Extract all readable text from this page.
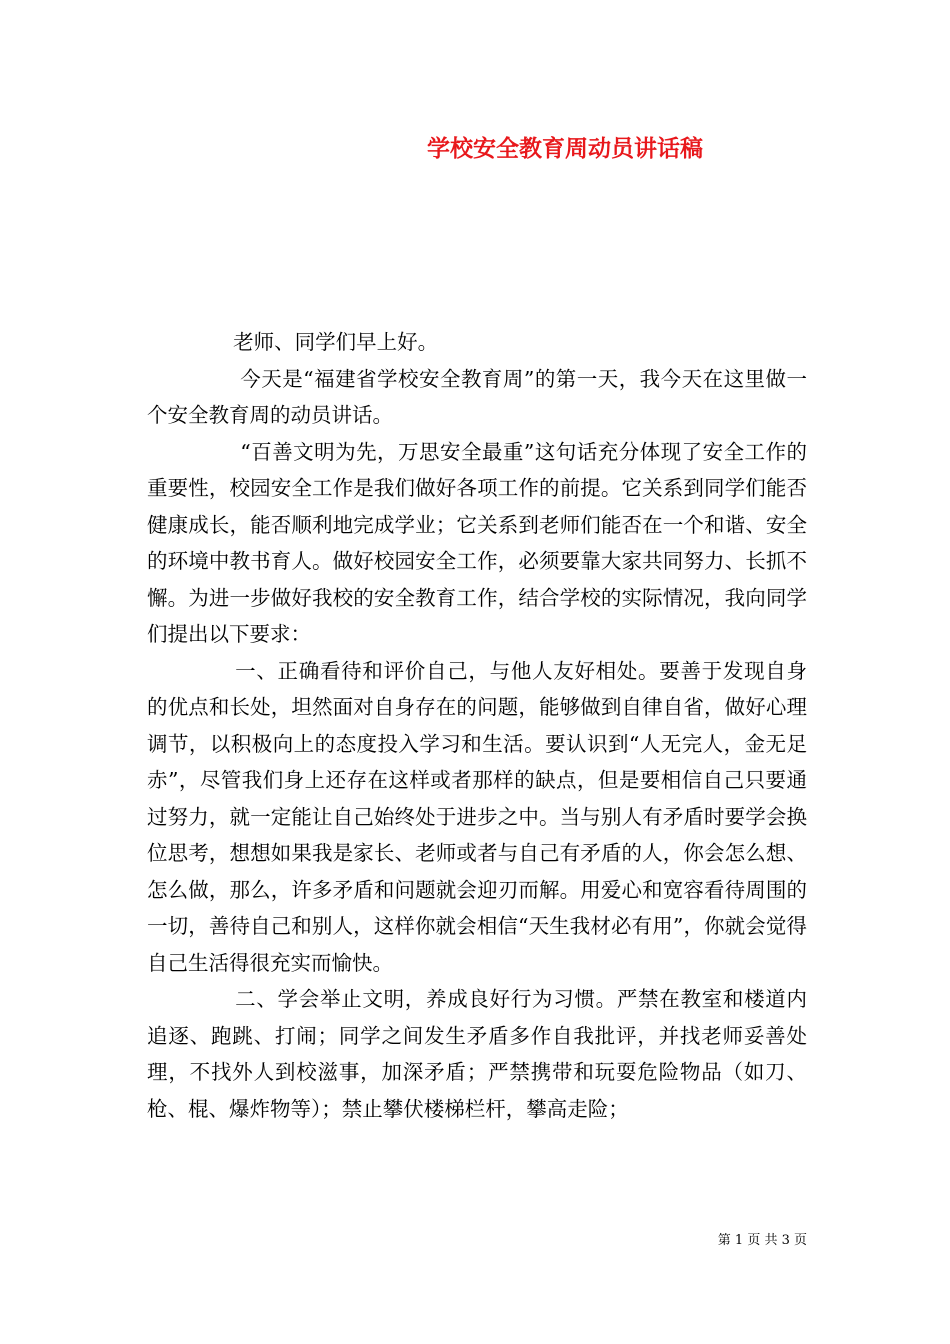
学校安全教育周动员讲话稿

老师、同学们早上好。

今天是“福建省学校安全教育周”的第一天，我今天在这里做一个安全教育周的动员讲话。

“百善文明为先，万思安全最重”这句话充分体现了安全工作的重要性，校园安全工作是我们做好各项工作的前提。它关系到同学们能否健康成长，能否顺利地完成学业；它关系到老师们能否在一个和谐、安全的环境中教书育人。做好校园安全工作，必须要靠大家共同努力、长抓不懈。为进一步做好我校的安全教育工作，结合学校的实际情况，我向同学们提出以下要求：

一、正确看待和评价自己，与他人友好相处。要善于发现自身的优点和长处，坦然面对自身存在的问题，能够做到自律自省，做好心理调节，以积极向上的态度投入学习和生活。要认识到“人无完人，金无足赤”，尽管我们身上还存在这样或者那样的缺点，但是要相信自己只要通过努力，就一定能让自己始终处于进步之中。当与别人有矛盾时要学会换位思考，想想如果我是家长、老师或者与自己有矛盾的人，你会怎么想、怎么做，那么，许多矛盾和问题就会迎刃而解。用爱心和宽容看待周围的一切，善待自己和别人，这样你就会相信“天生我材必有用”，你就会觉得自己生活得很充实而愉快。

二、学会举止文明，养成良好行为习惯。严禁在教室和楼道内追逐、跑跳、打闹；同学之间发生矛盾多作自我批评，并找老师妥善处理，不找外人到校滋事，加深矛盾；严禁携带和玩耍危险物品（如刀、枪、棍、爆炸物等）；禁止攀伏楼梯栏杆，攀高走险；

第 1 页 共 3 页
